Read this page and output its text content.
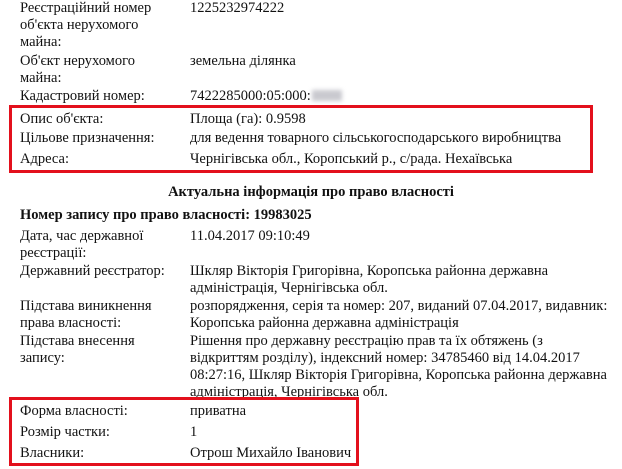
Реєстраційний номер об'єкта нерухомого майна:
1225232974222
Об'єкт нерухомого майна:
земельна ділянка
Кадастровий номер:	7422285000:05:000:
Опис об'єкта:	Площа (га): 0.9598
Цільове призначення:	для ведення товарного сільськогосподарського виробництва
Адреса:	Чернігівська обл., Коропський р., с/рада. Нехаївська
Актуальна інформація про право власності
Номер запису про право власності: 19983025
Дата, час державної реєстрації:
11.04.2017 09:10:49
Державний реєстратор:	Шкляр Вікторія Григорівна, Коропська районна державна адміністрація, Чернігівська обл.
Підстава виникнення права власності:
розпорядження, серія та номер: 207, виданий 07.04.2017, видавник: Коропська районна державна адміністрація
Підстава внесення запису:
Рішення про державну реєстрацію прав та їх обтяжень (з відкриттям розділу), індексний номер: 34785460 від 14.04.2017 08:27:16, Шкляр Вікторія Григорівна, Коропська районна державна адміністрація, Чернігівська обл.
Форма власності:	приватна
Розмір частки:	1
Власники:	Отрош Михайло Іванович
